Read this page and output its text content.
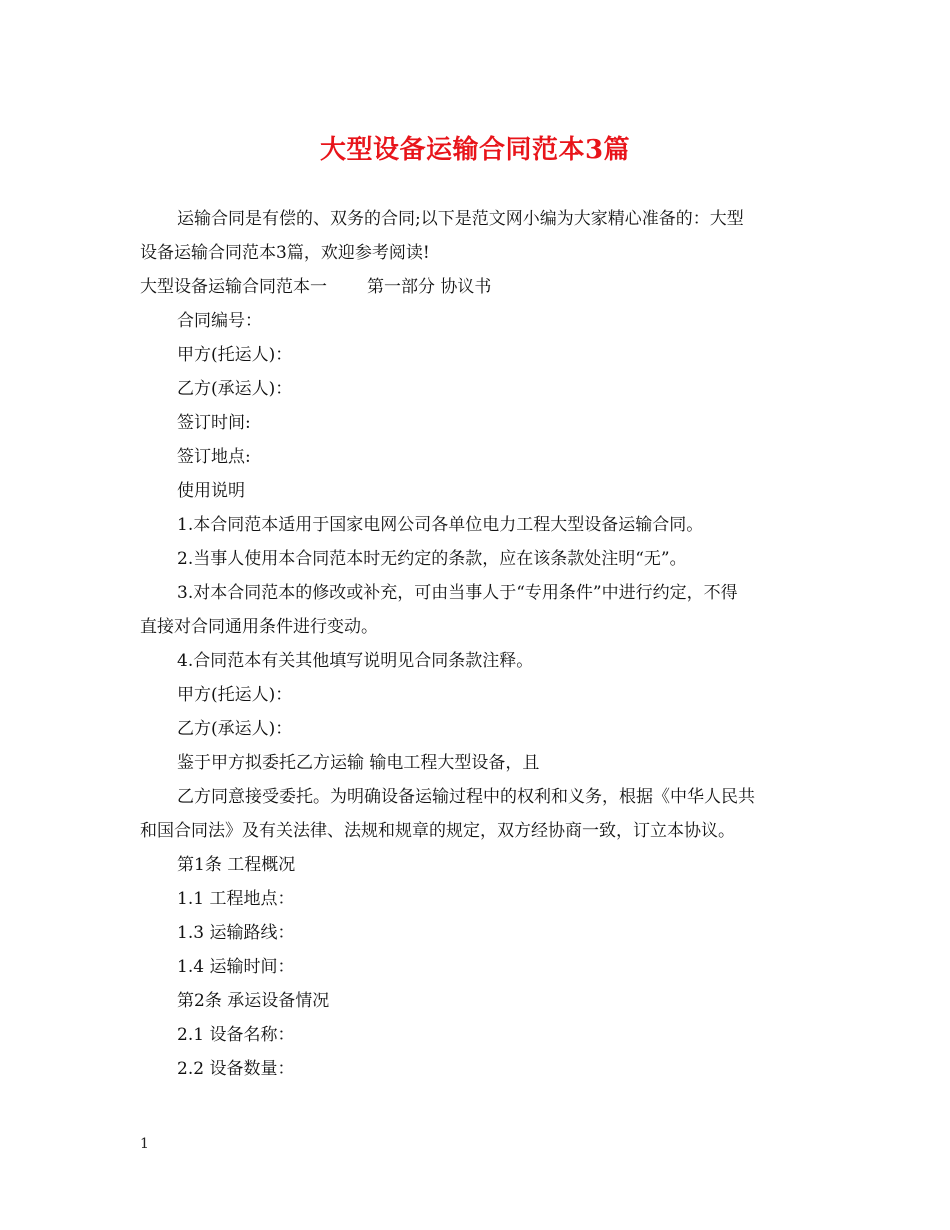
大型设备运输合同范本3篇

运输合同是有偿的、双务的合同;以下是范文网小编为大家精心准备的：大型

设备运输合同范本3篇，欢迎参考阅读!

大型设备运输合同范本一 第一部分 协议书

合同编号：

甲方(托运人)：

乙方(承运人)：

签订时间:

签订地点:

使用说明

1.本合同范本适用于国家电网公司各单位电力工程大型设备运输合同。

2.当事人使用本合同范本时无约定的条款，应在该条款处注明“无”。

3.对本合同范本的修改或补充，可由当事人于“专用条件”中进行约定，不得

直接对合同通用条件进行变动。

4.合同范本有关其他填写说明见合同条款注释。

甲方(托运人)：

乙方(承运人)：

鉴于甲方拟委托乙方运输 输电工程大型设备，且

乙方同意接受委托。为明确设备运输过程中的权利和义务，根据《中华人民共

和国合同法》及有关法律、法规和规章的规定，双方经协商一致，订立本协议。

第1条 工程概况

1.1 工程地点：

1.3 运输路线：

1.4 运输时间：

第2条 承运设备情况

2.1 设备名称：

2.2 设备数量：

1
